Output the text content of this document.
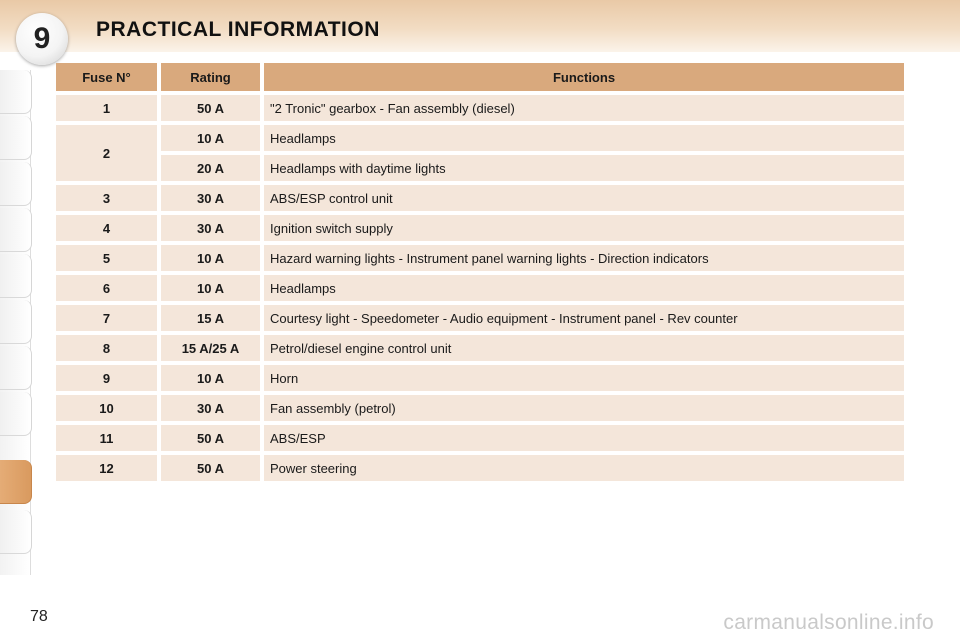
9	PRACTICAL INFORMATION
Fuse N°	Rating	Functions
1	50 A	"2 Tronic" gearbox - Fan assembly (diesel)
2
10 A	Headlamps
20 A	Headlamps with daytime lights
3	30 A	ABS/ESP control unit
4	30 A	Ignition switch supply
5	10 A	Hazard warning lights - Instrument panel warning lights - Direction indicators
6	10 A	Headlamps
7	15 A	Courtesy light - Speedometer - Audio equipment - Instrument panel - Rev counter
8	15 A/25 A	Petrol/diesel engine control unit
9	10 A	Horn
10	30 A	Fan assembly (petrol)
11	50 A	ABS/ESP
12	50 A	Power steering
78	carmanualsonline.info
